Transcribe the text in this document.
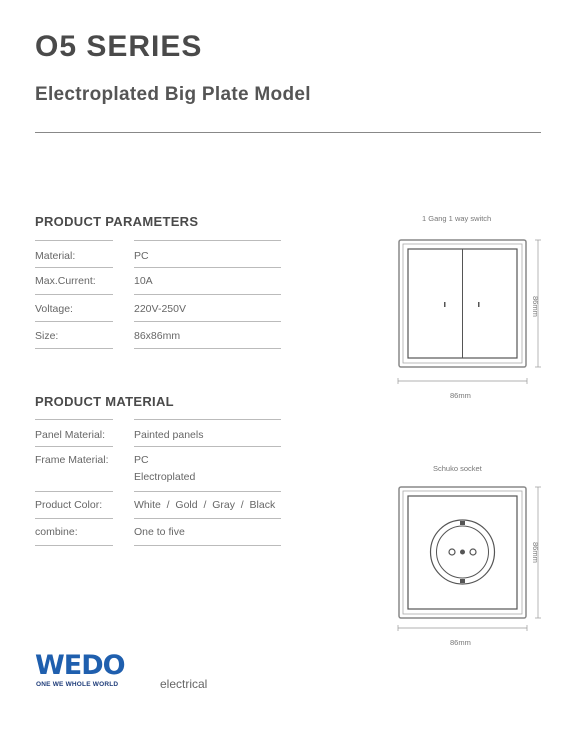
O5 SERIES
Electroplated Big Plate Model
PRODUCT PARAMETERS
Material:	PC
Max.Current:	10A
Voltage:	220V-250V
Size:	86x86mm
PRODUCT MATERIAL
Panel Material:	Painted panels
Frame Material: PC
Electroplated
Product Color:	White  /  Gold  /  Gray  /  Black
combine:	One to five
1 Gang 1 way switch
86mm
86mm
Schuko socket
86mm
86mm
WEDO
ONE WE WHOLE WORLD	electrical
